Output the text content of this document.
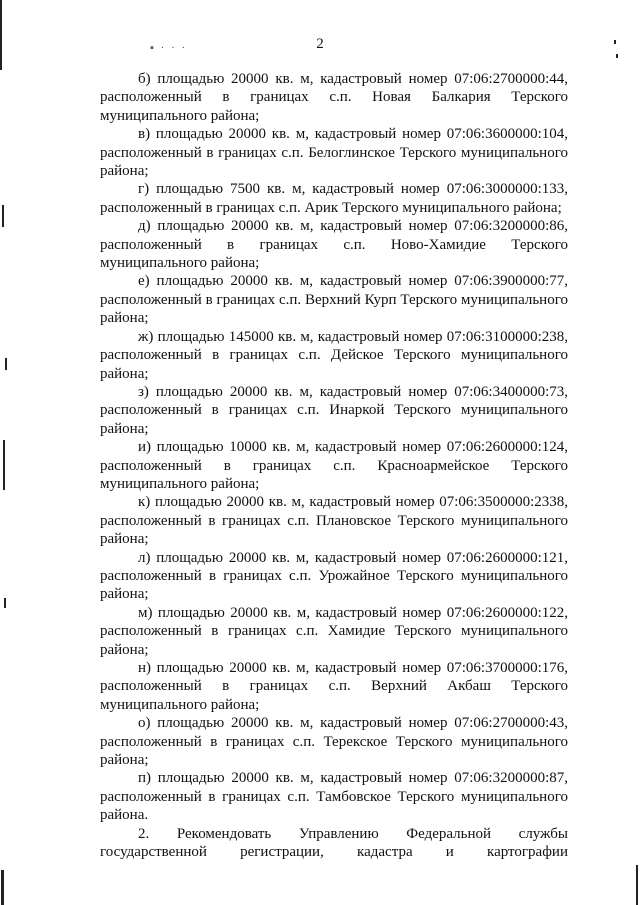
▪ · · ·	2

б) площадью 20000 кв. м, кадастровый номер 07:06:2700000:44, расположенный в границах с.п. Новая Балкария Терского муниципального района;

в) площадью 20000 кв. м, кадастровый номер 07:06:3600000:104, расположенный в границах с.п. Белоглинское Терского муниципального района;

г) площадью 7500 кв. м, кадастровый номер 07:06:3000000:133, расположенный в границах с.п. Арик Терского муниципального района;

д) площадью 20000 кв. м, кадастровый номер 07:06:3200000:86, расположенный в границах с.п. Ново-Хамидие Терского муниципального района;

е) площадью 20000 кв. м, кадастровый номер 07:06:3900000:77, расположенный в границах с.п. Верхний Курп Терского муниципального района;

ж) площадью 145000 кв. м, кадастровый номер 07:06:3100000:238, расположенный в границах с.п. Дейское Терского муниципального района;

з) площадью 20000 кв. м, кадастровый номер 07:06:3400000:73, расположенный в границах с.п. Инаркой Терского муниципального района;

и) площадью 10000 кв. м, кадастровый номер 07:06:2600000:124, расположенный в границах с.п. Красноармейское Терского муниципального района;

к) площадью 20000 кв. м, кадастровый номер 07:06:3500000:2338, расположенный в границах с.п. Плановское Терского муниципального района;

л) площадью 20000 кв. м, кадастровый номер 07:06:2600000:121, расположенный в границах с.п. Урожайное Терского муниципального района;

м) площадью 20000 кв. м, кадастровый номер 07:06:2600000:122, расположенный в границах с.п. Хамидие Терского муниципального района;

н) площадью 20000 кв. м, кадастровый номер 07:06:3700000:176, расположенный в границах с.п. Верхний Акбаш Терского муниципального района;

о) площадью 20000 кв. м, кадастровый номер 07:06:2700000:43, расположенный в границах с.п. Терекское Терского муниципального района;

п) площадью 20000 кв. м, кадастровый номер 07:06:3200000:87, расположенный в границах с.п. Тамбовское Терского муниципального района.

2. Рекомендовать Управлению Федеральной службы государственной регистрации, кадастра и картографии
